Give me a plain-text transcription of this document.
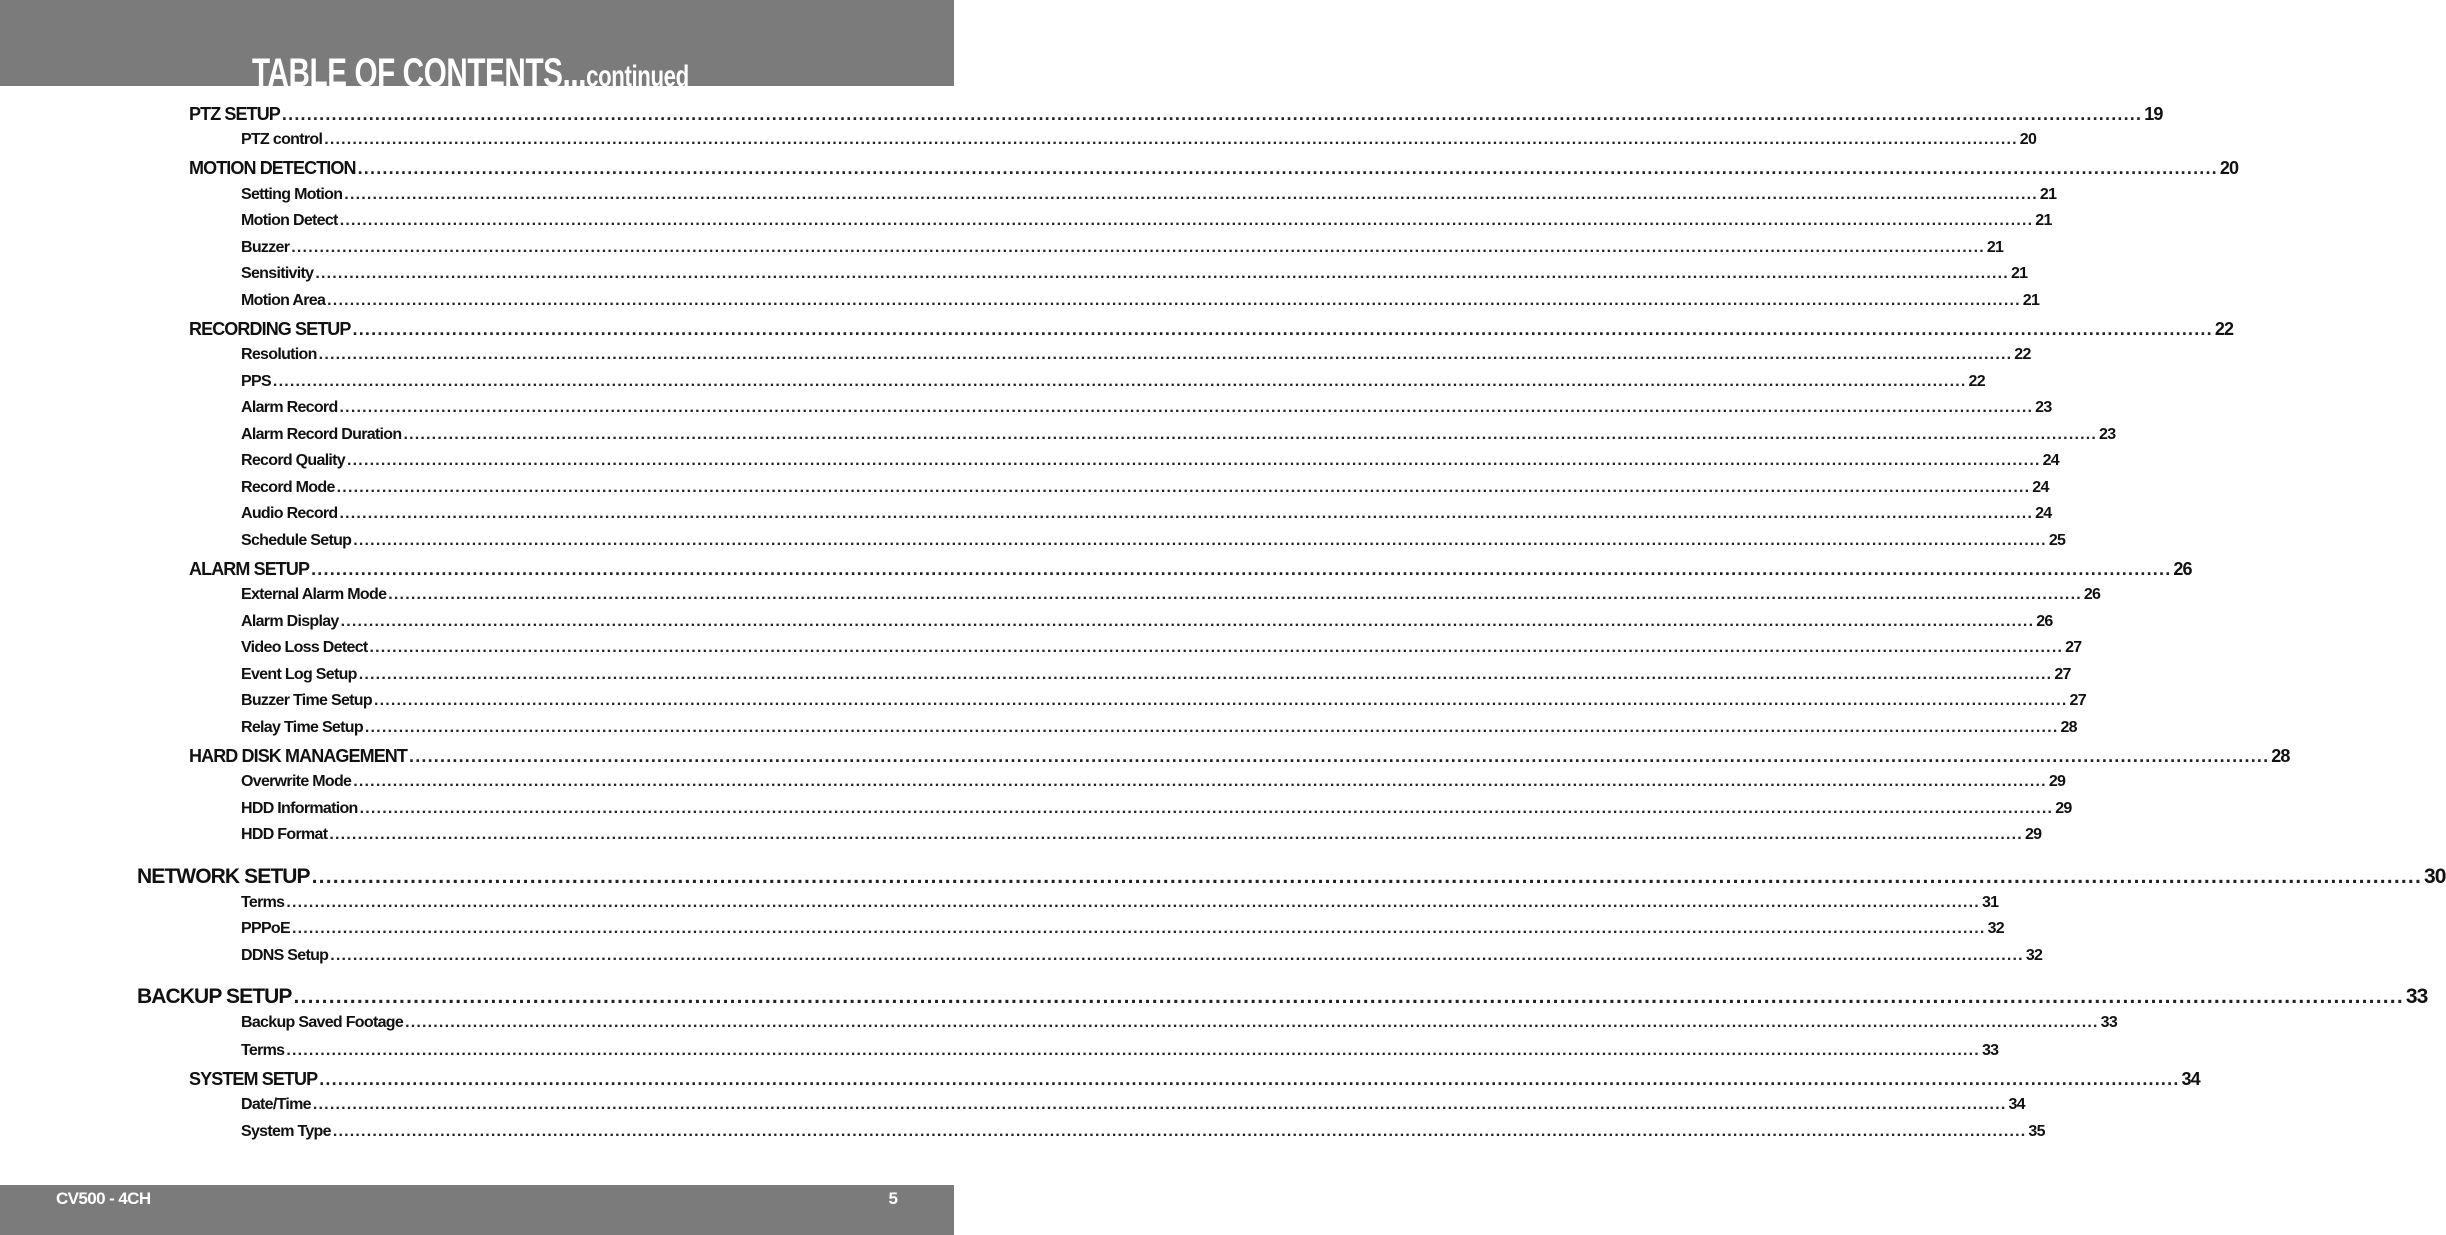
TABLE OF CONTENTS...continued
PTZ SETUP ............................................................................................................................................................................................................................................................................................................ 19
PTZ control ............................................................................................................................................................................................................................................................................................................ 20
MOTION DETECTION ............................................................................................................................................................................................................................................................................................................ 20
Setting Motion ............................................................................................................................................................................................................................................................................................................ 21
Motion Detect ............................................................................................................................................................................................................................................................................................................ 21
Buzzer ............................................................................................................................................................................................................................................................................................................ 21
Sensitivity ............................................................................................................................................................................................................................................................................................................ 21
Motion Area ............................................................................................................................................................................................................................................................................................................ 21
RECORDING SETUP ............................................................................................................................................................................................................................................................................................................ 22
Resolution ............................................................................................................................................................................................................................................................................................................ 22
PPS ............................................................................................................................................................................................................................................................................................................ 22
Alarm Record ............................................................................................................................................................................................................................................................................................................ 23
Alarm Record Duration ............................................................................................................................................................................................................................................................................................................ 23
Record Quality ............................................................................................................................................................................................................................................................................................................ 24
Record Mode ............................................................................................................................................................................................................................................................................................................ 24
Audio Record ............................................................................................................................................................................................................................................................................................................ 24
Schedule Setup ............................................................................................................................................................................................................................................................................................................ 25
ALARM SETUP ............................................................................................................................................................................................................................................................................................................ 26
External Alarm Mode ............................................................................................................................................................................................................................................................................................................ 26
Alarm Display ............................................................................................................................................................................................................................................................................................................ 26
Video Loss Detect ............................................................................................................................................................................................................................................................................................................ 27
Event Log Setup ............................................................................................................................................................................................................................................................................................................ 27
Buzzer Time Setup ............................................................................................................................................................................................................................................................................................................ 27
Relay Time Setup ............................................................................................................................................................................................................................................................................................................ 28
HARD DISK MANAGEMENT ............................................................................................................................................................................................................................................................................................................ 28
Overwrite Mode ............................................................................................................................................................................................................................................................................................................ 29
HDD Information ............................................................................................................................................................................................................................................................................................................ 29
HDD Format ............................................................................................................................................................................................................................................................................................................ 29
NETWORK SETUP ............................................................................................................................................................................................................................................................................................................ 30
Terms ............................................................................................................................................................................................................................................................................................................ 31
PPPoE ............................................................................................................................................................................................................................................................................................................ 32
DDNS Setup ............................................................................................................................................................................................................................................................................................................ 32
BACKUP SETUP ............................................................................................................................................................................................................................................................................................................ 33
Backup Saved Footage ............................................................................................................................................................................................................................................................................................................ 33
Terms ............................................................................................................................................................................................................................................................................................................ 33
SYSTEM SETUP ............................................................................................................................................................................................................................................................................................................ 34
Date/Time ............................................................................................................................................................................................................................................................................................................ 34
System Type ............................................................................................................................................................................................................................................................................................................ 35
CV500 - 4CH	5
